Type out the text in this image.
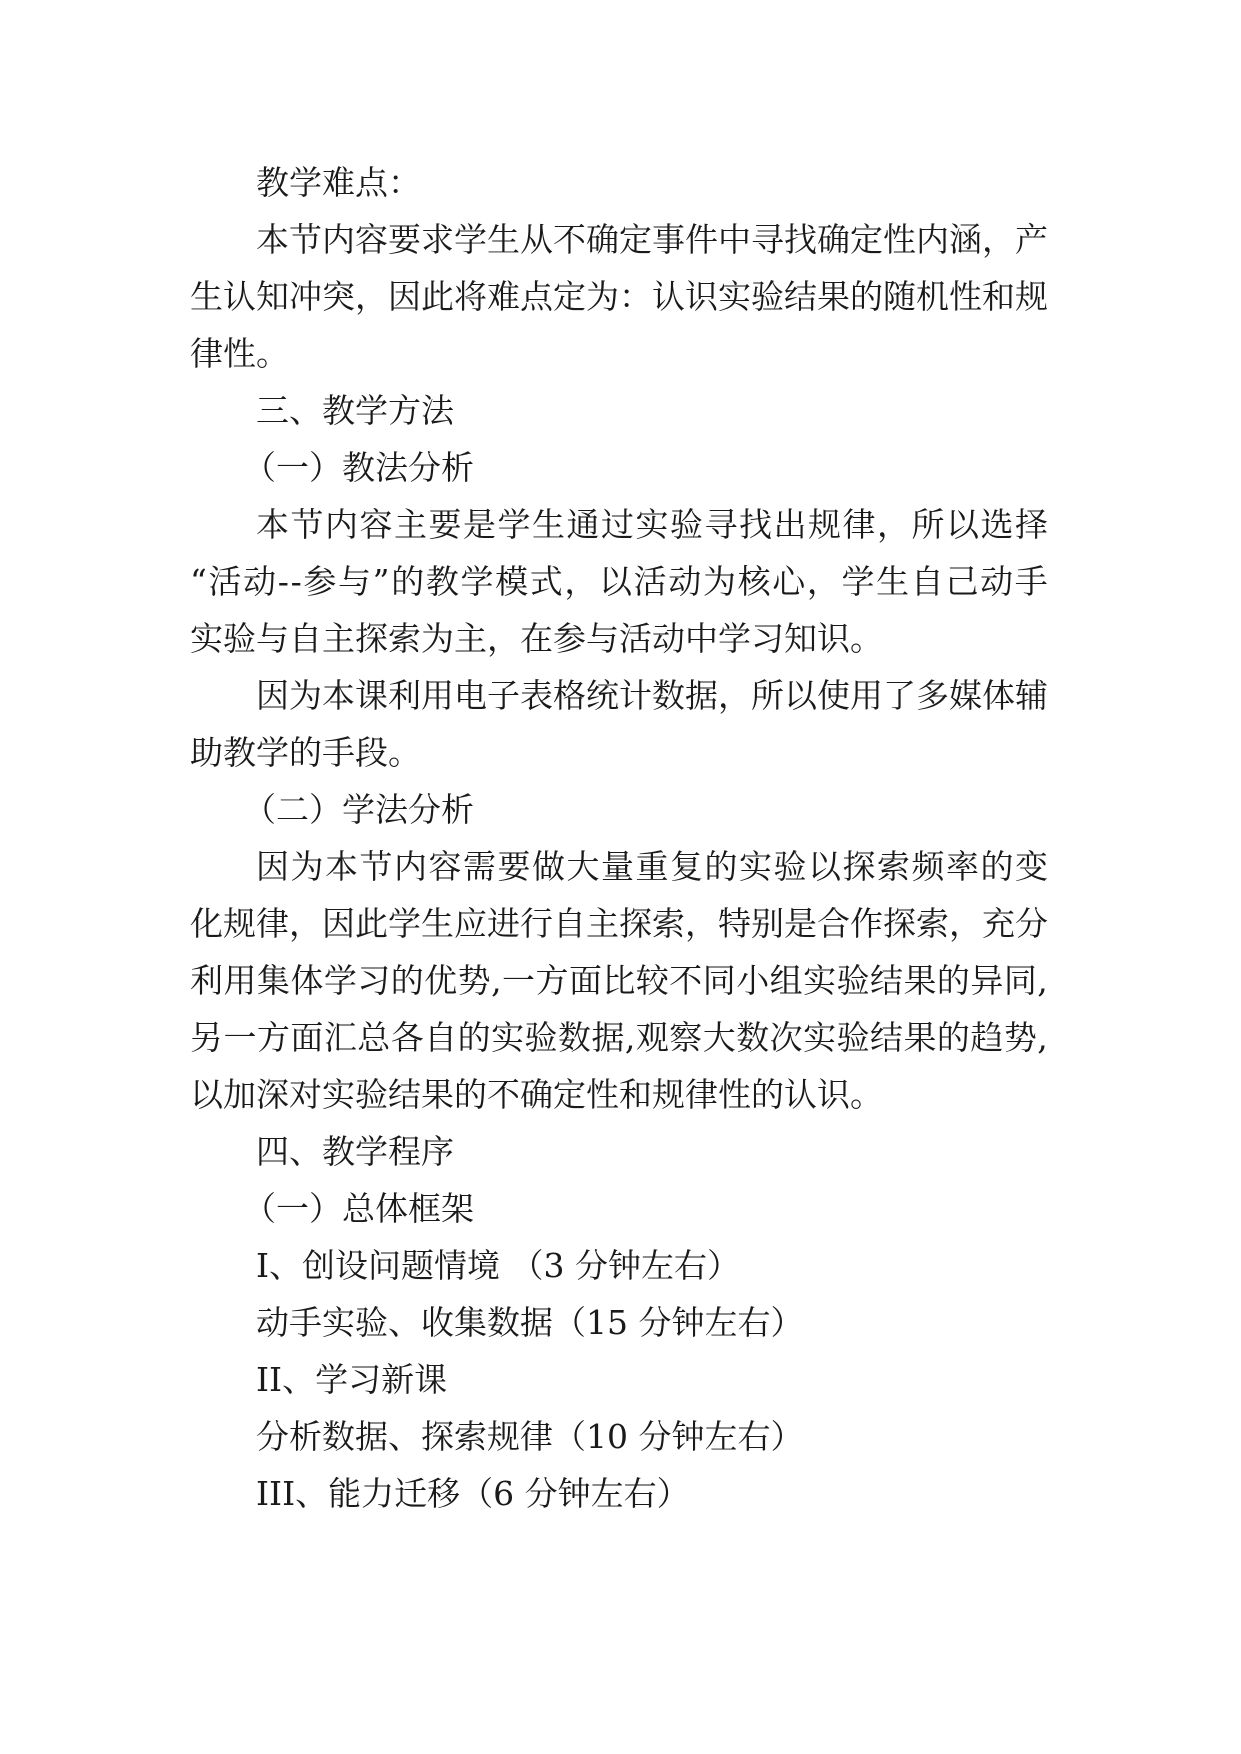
教学难点：

本 节 内 容 要 求 学 生 从 不 确 定 事 件 中 寻 找 确 定 性 内 涵 ， 产

生 认 知 冲 突 ， 因 此 将 难 点 定 为 ： 认 识 实 验 结 果 的 随 机 性 和 规

律性。

三、教学方法

（一）教法分析

本 节 内 容 主 要 是 学 生 通 过 实 验 寻 找 出 规 律 ， 所 以 选 择

“ 活 动 - - 参 与 ” 的 教 学 模 式 ， 以 活 动 为 核 心 ， 学 生 自 己 动 手

实验与自主探索为主，在参与活动中学习知识。

因 为 本 课 利 用 电 子 表 格 统 计 数 据 ， 所 以 使 用 了 多 媒 体 辅

助教学的手段。

（二）学法分析

因 为 本 节 内 容 需 要 做 大 量 重 复 的 实 验 以 探 索 频 率 的 变

化 规 律 ， 因 此 学 生 应 进 行 自 主 探 索 ， 特 别 是 合 作 探 索 ， 充 分

利 用 集 体 学 习 的 优 势 , 一 方 面 比 较 不 同 小 组 实 验 结 果 的 异 同 ,

另 一 方 面 汇 总 各 自 的 实 验 数 据 , 观 察 大 数 次 实 验 结 果 的 趋 势 ,

以加深对实验结果的不确定性和规律性的认识。

四、教学程序

（一）总体框架

I、创设问题情境 （3 分钟左右）

动手实验、收集数据（15 分钟左右）

II、学习新课

分析数据、探索规律（10 分钟左右）

III、能力迁移（6 分钟左右）
